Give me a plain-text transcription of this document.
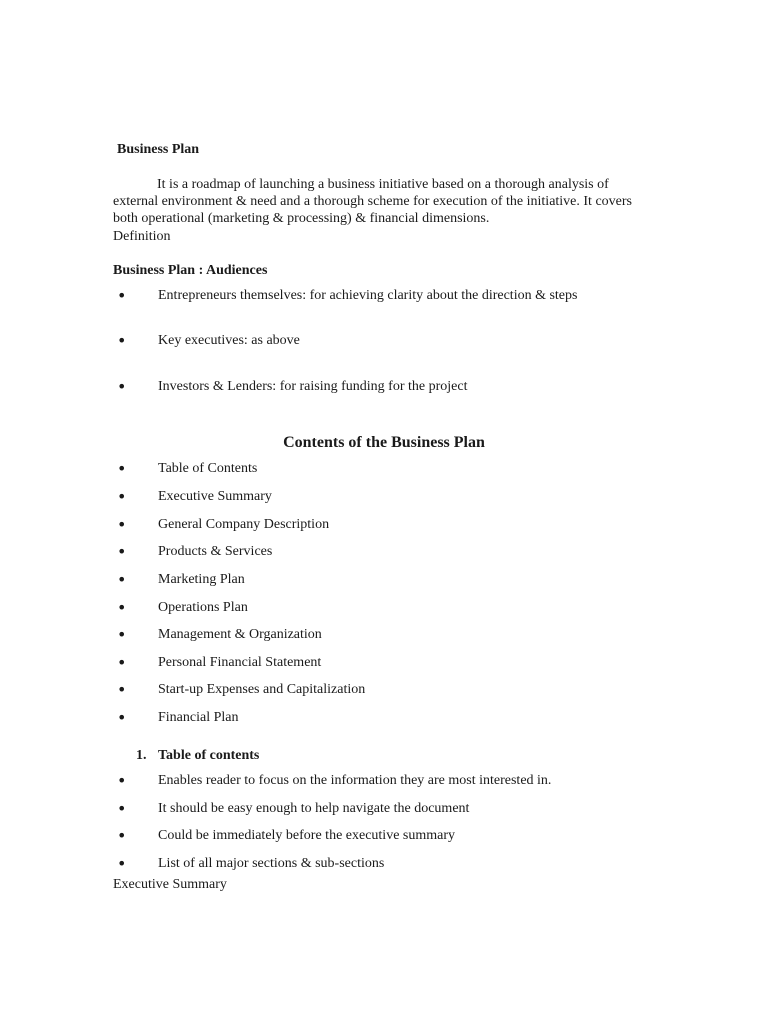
Business Plan
It is a roadmap of launching a business initiative based on a thorough analysis of external environment & need and a thorough scheme for execution of the initiative. It covers both operational (marketing & processing) & financial dimensions.
Definition
Business Plan : Audiences
• Entrepreneurs themselves: for achieving clarity about the direction & steps
• Key executives: as above
• Investors & Lenders: for raising funding for the project
Contents of the Business Plan
• Table of Contents
• Executive Summary
• General Company Description
• Products & Services
• Marketing Plan
• Operations Plan
• Management & Organization
• Personal Financial Statement
• Start-up Expenses and Capitalization
• Financial Plan
1. Table of contents
• Enables reader to focus on the information they are most interested in.
• It should be easy enough to help navigate the document
• Could be immediately before the executive summary
• List of all major sections & sub-sections
Executive Summary
